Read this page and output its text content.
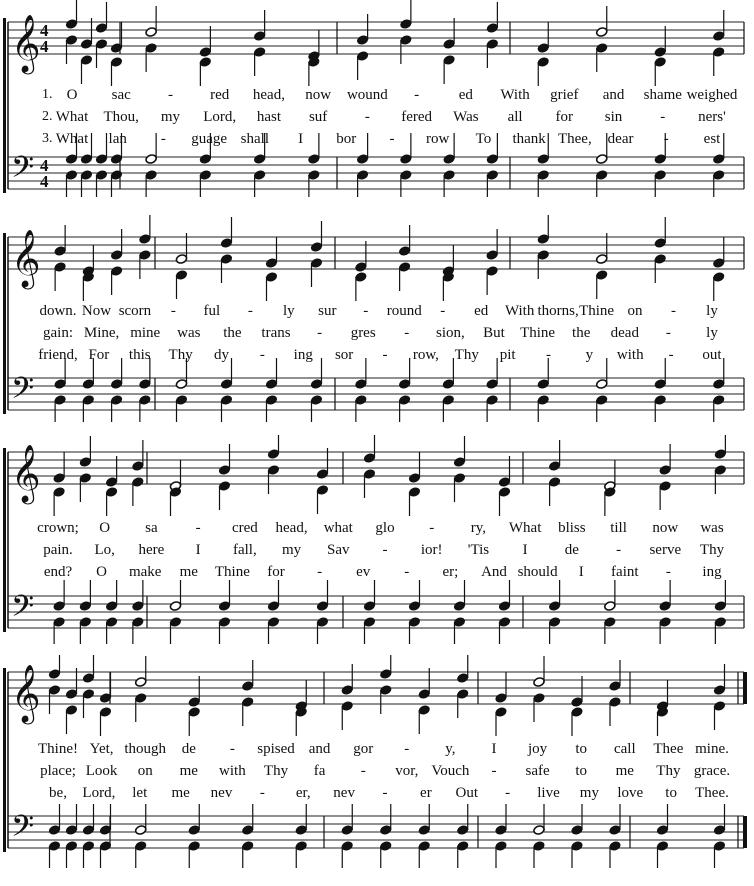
𝄞
𝄢
4
4
4
4
1. O sac - red head, now wound -	ed With grief and shame weighed
2. What Thou, my Lord, hast suf	- fered Was all for sin	- ners'
3. What lan - guage shall I bor - row To thank Thee, dear - est
𝄞
𝄢
down. Now scorn - ful - ly sur - round - ed With thorns, Thine on - ly
gain: Mine, mine was the trans - gres - sion, But Thine the dead - ly
friend, For this Thy dy - ing sor - row, Thy pit - y with - out
𝄞
𝄢
crown; O sa	- cred head, what glo - ry, What bliss till now was
pain. Lo, here I fall, my Sav - ior! 'Tis I de - serve Thy
end? O make me Thine for - ev - er; And should I faint - ing
𝄞
𝄢
Thine! Yet, though de - spised and gor - y, I joy to call Thee mine.
place; Look on me with Thy fa - vor, Vouch - safe to me Thy grace.
be, Lord, let me nev - er, nev - er Out - live my love to Thee.
